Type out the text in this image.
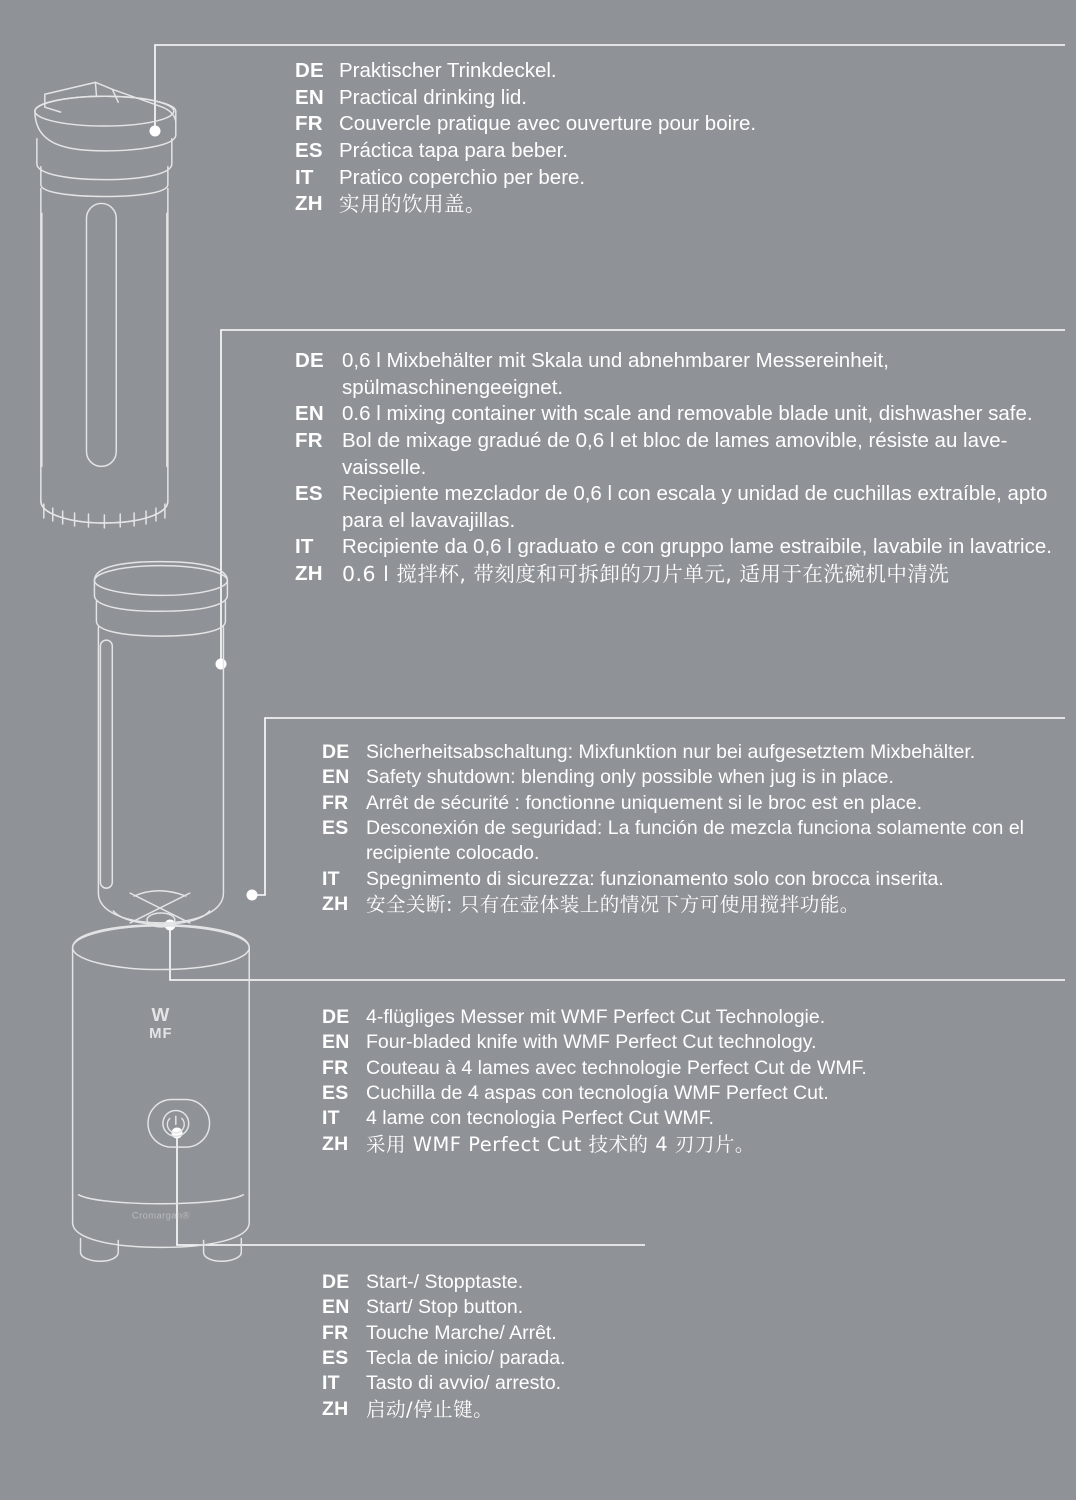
W
MF
Cromargan®
DE Praktischer Trinkdeckel.
EN Practical drinking lid.
FR Couvercle pratique avec ouverture pour boire.
ES Práctica tapa para beber.
IT	Pratico coperchio per bere.
ZH 实用的饮用盖。
DE 0,6 l Mixbehälter mit Skala und abnehmbarer Messereinheit, spülmaschinengeeignet.
EN 0.6 l mixing container with scale and removable blade unit, dishwasher safe.
FR Bol de mixage gradué de 0,6 l et bloc de lames amovible, résiste au lave-vaisselle.
ES Recipiente mezclador de 0,6 l con escala y unidad de cuchillas extraíble, apto para el lavavajillas.
IT	Recipiente da 0,6 l graduato e con gruppo lame estraibile, lavabile in lavatrice.
ZH 0.6 l 搅拌杯, 带刻度和可拆卸的刀片单元, 适用于在洗碗机中清洗
DE Sicherheitsabschaltung: Mixfunktion nur bei aufgesetztem Mixbehälter.
EN Safety shutdown: blending only possible when jug is in place.
FR Arrêt de sécurité : fonctionne uniquement si le broc est en place.
ES Desconexión de seguridad: La función de mezcla funciona solamente con el recipiente colocado.
IT	Spegnimento di sicurezza: funzionamento solo con brocca inserita.
ZH 安全关断: 只有在壶体装上的情况下方可使用搅拌功能。
DE 4-flügliges Messer mit WMF Perfect Cut Technologie.
EN Four-bladed knife with WMF Perfect Cut technology.
FR Couteau à 4 lames avec technologie Perfect Cut de WMF.
ES Cuchilla de 4 aspas con tecnología WMF Perfect Cut.
IT	4 lame con tecnologia Perfect Cut WMF.
ZH 采用 WMF Perfect Cut 技术的 4 刃刀片。
DE Start-/ Stopptaste.
EN Start/ Stop button.
FR Touche Marche/ Arrêt.
ES Tecla de inicio/ parada.
IT	Tasto di avvio/ arresto.
ZH 启动/停止键。
